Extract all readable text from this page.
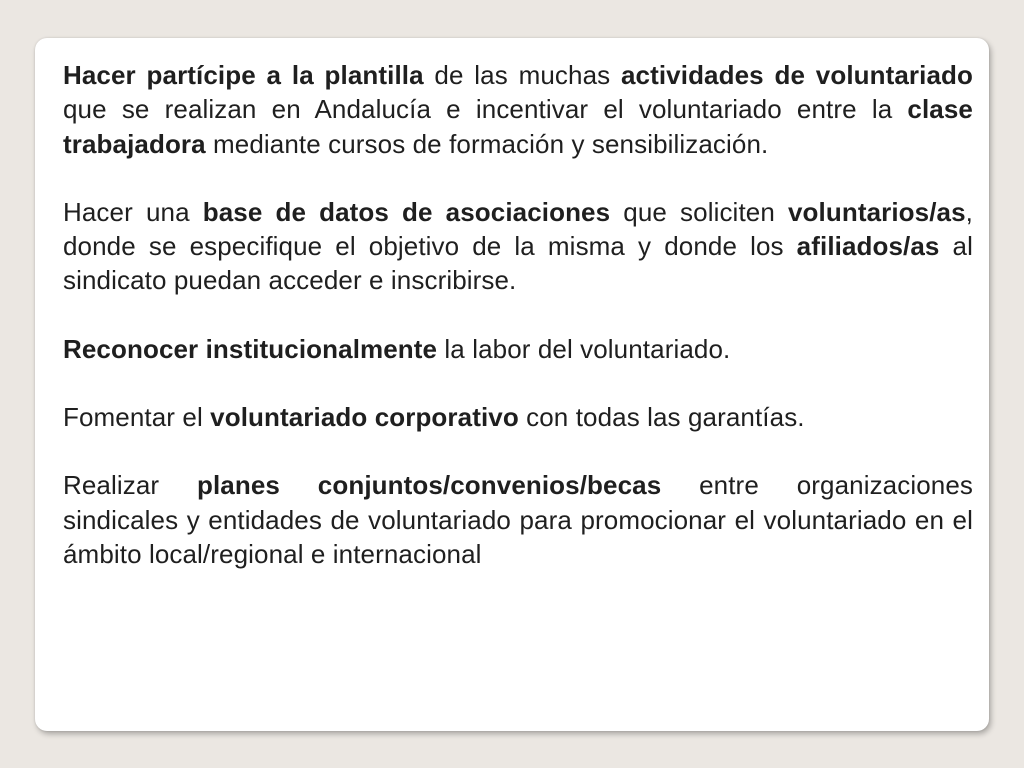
Hacer partícipe a la plantilla de las muchas actividades de voluntariado que se realizan en Andalucía e incentivar el voluntariado entre la clase trabajadora mediante cursos de formación y sensibilización.

Hacer una base de datos de asociaciones que soliciten voluntarios/as, donde se especifique el objetivo de la misma y donde los afiliados/as al sindicato puedan acceder e inscribirse.

Reconocer institucionalmente la labor del voluntariado.

Fomentar el voluntariado corporativo con todas las garantías.

Realizar planes conjuntos/convenios/becas entre organizaciones sindicales y entidades de voluntariado para promocionar el voluntariado en el ámbito local/regional e internacional
